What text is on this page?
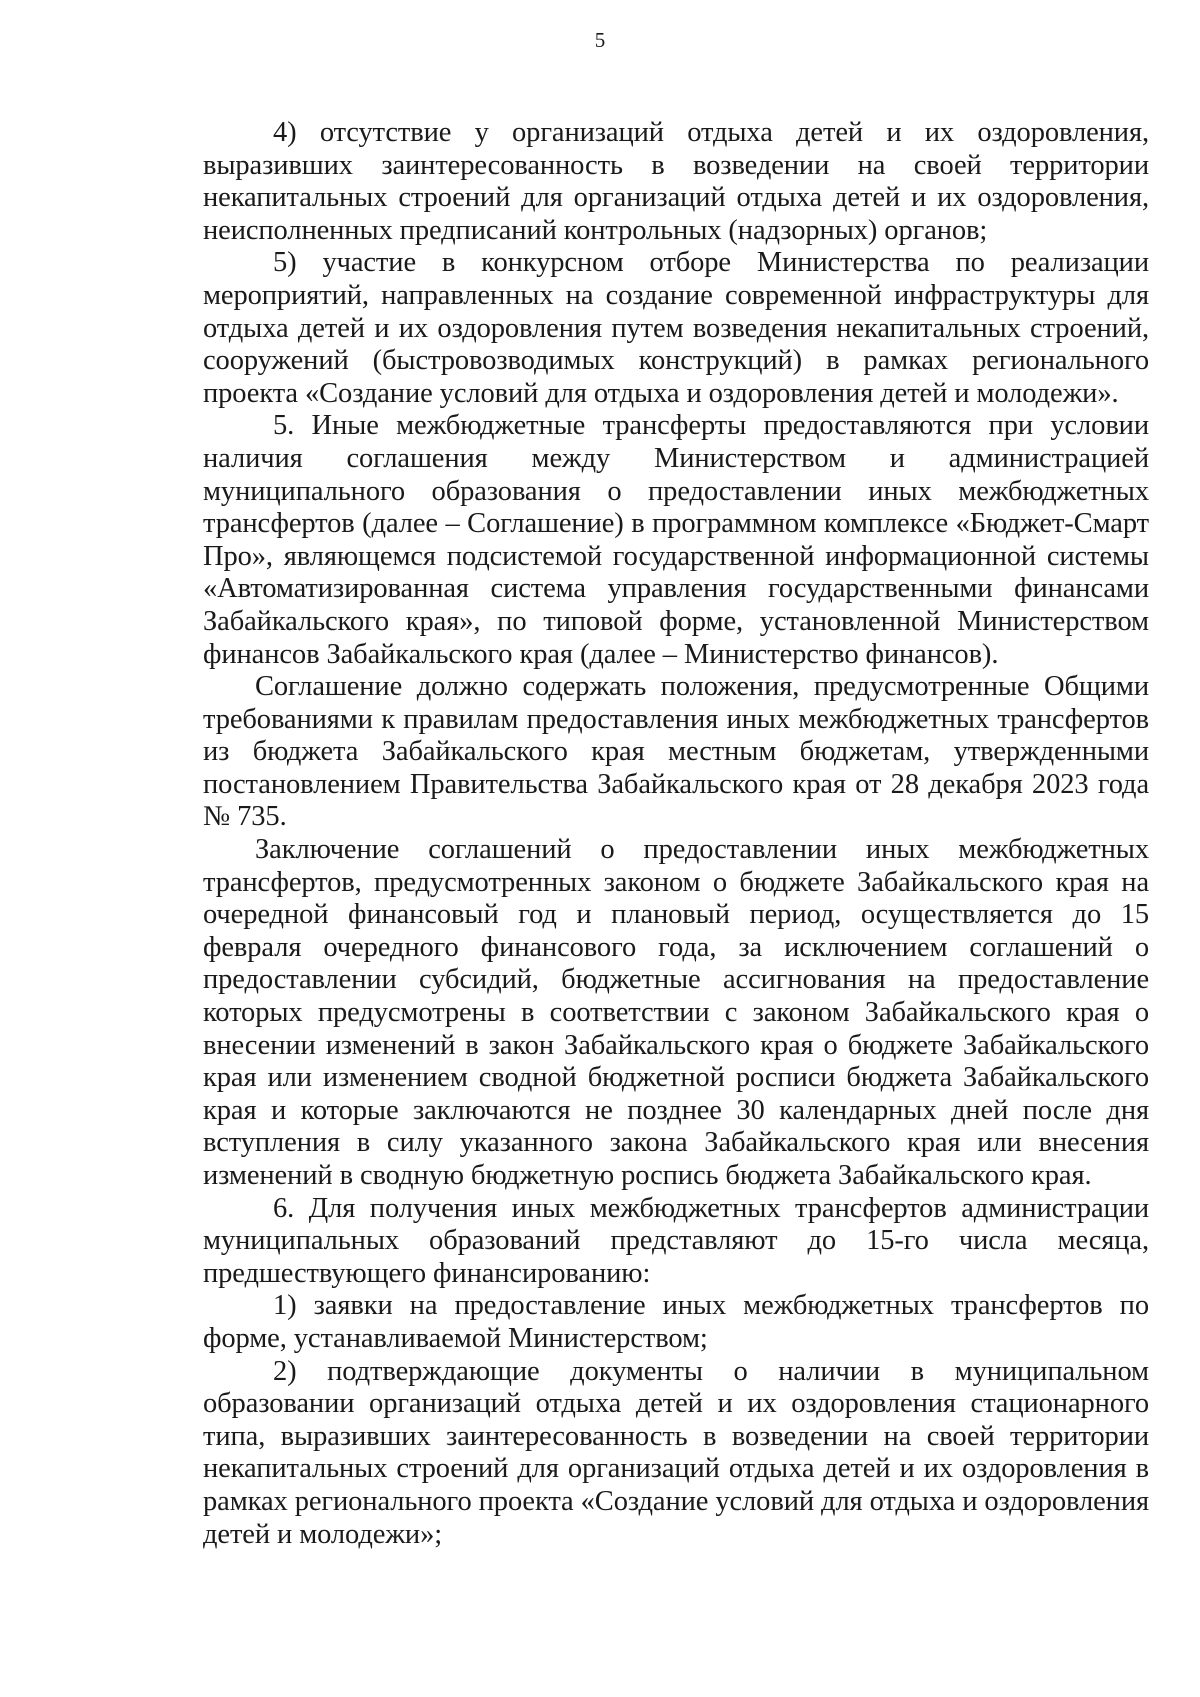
5

4) отсутствие у организаций отдыха детей и их оздоровления, выразивших заинтересованность в возведении на своей территории некапитальных строений для организаций отдыха детей и их оздоровления, неисполненных предписаний контрольных (надзорных) органов;

5) участие в конкурсном отборе Министерства по реализации мероприятий, направленных на создание современной инфраструктуры для отдыха детей и их оздоровления путем возведения некапитальных строений, сооружений (быстровозводимых конструкций) в рамках регионального проекта «Создание условий для отдыха и оздоровления детей и молодежи».

5. Иные межбюджетные трансферты предоставляются при условии наличия соглашения между Министерством и администрацией муниципального образования о предоставлении иных межбюджетных трансфертов (далее – Соглашение) в программном комплексе «Бюджет-Смарт Про», являющемся подсистемой государственной информационной системы «Автоматизированная система управления государственными финансами Забайкальского края», по типовой форме, установленной Министерством финансов Забайкальского края (далее – Министерство финансов).

Соглашение должно содержать положения, предусмотренные Общими требованиями к правилам предоставления иных межбюджетных трансфертов из бюджета Забайкальского края местным бюджетам, утвержденными постановлением Правительства Забайкальского края от 28 декабря 2023 года № 735.

Заключение соглашений о предоставлении иных межбюджетных трансфертов, предусмотренных законом о бюджете Забайкальского края на очередной финансовый год и плановый период, осуществляется до 15 февраля очередного финансового года, за исключением соглашений о предоставлении субсидий, бюджетные ассигнования на предоставление которых предусмотрены в соответствии с законом Забайкальского края о внесении изменений в закон Забайкальского края о бюджете Забайкальского края или изменением сводной бюджетной росписи бюджета Забайкальского края и которые заключаются не позднее 30 календарных дней после дня вступления в силу указанного закона Забайкальского края или внесения изменений в сводную бюджетную роспись бюджета Забайкальского края.

6. Для получения иных межбюджетных трансфертов администрации муниципальных образований представляют до 15-го числа месяца, предшествующего финансированию:

1) заявки на предоставление иных межбюджетных трансфертов по форме, устанавливаемой Министерством;

2) подтверждающие документы о наличии в муниципальном образовании организаций отдыха детей и их оздоровления стационарного типа, выразивших заинтересованность в возведении на своей территории некапитальных строений для организаций отдыха детей и их оздоровления в рамках регионального проекта «Создание условий для отдыха и оздоровления детей и молодежи»;
